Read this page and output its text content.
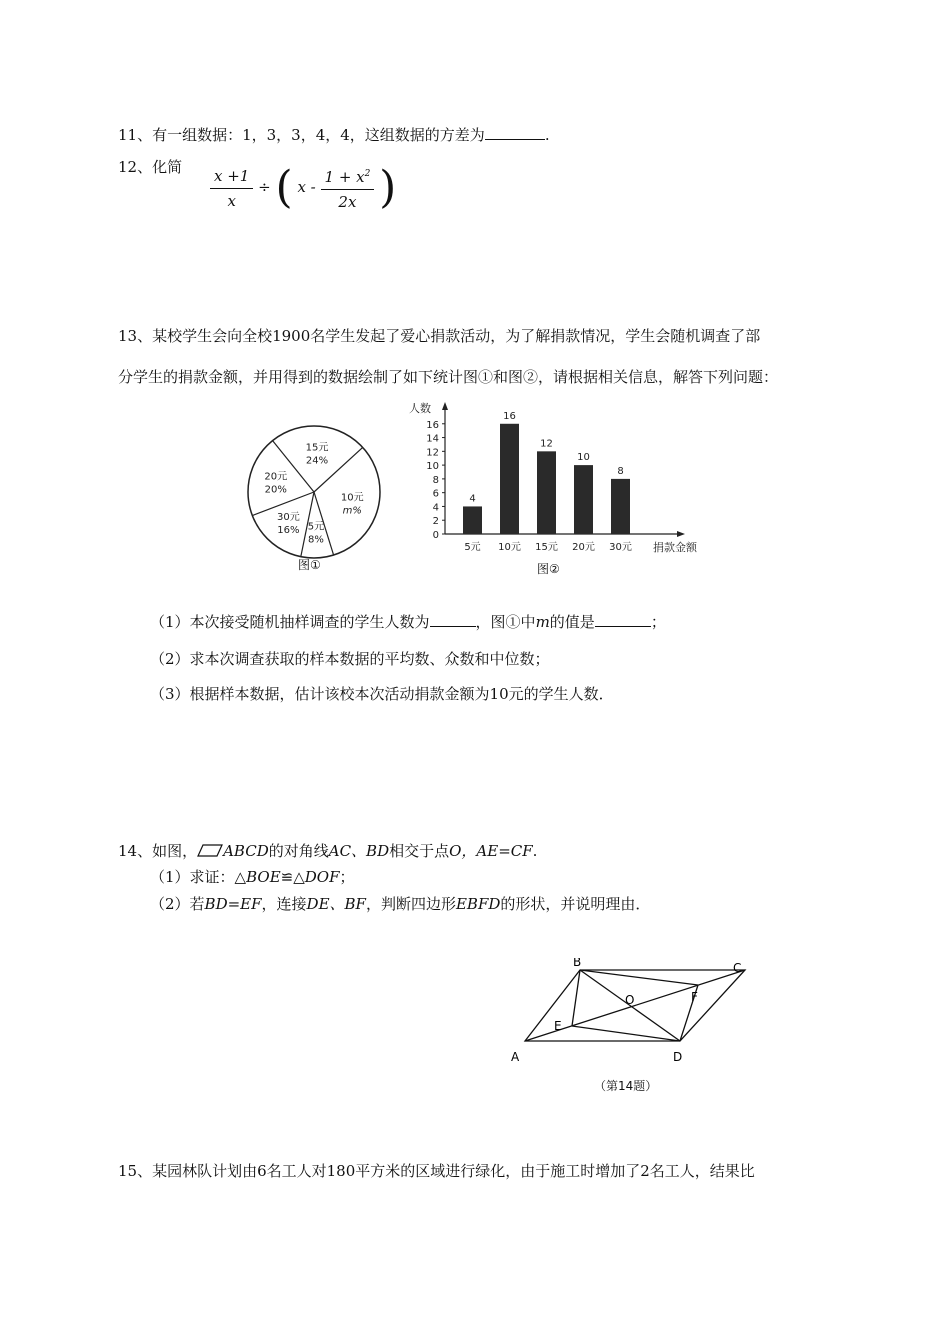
11、有一组数据：1，3，3，4，4，这组数据的方差为	.
12、化简 $\frac{x +1}{x}$ ÷ ( x - $\frac{1 + x^2}{2x}$ )
13、某校学生会向全校1900名学生发起了爱心捐款活动，为了解捐款情况，学生会随机调查了部
分学生的捐款金额，并用得到的数据绘制了如下统计图①和图②，请根据相关信息，解答下列问题：
15元
24%
10元
m%
5元
8%
30元
16%
20元
20%
图①
人数
捐款金额
0
2
4
6
8
10
12
14
16
4
5元
16
10元
12
15元
10
20元
8
30元
图②
（1）本次接受随机抽样调查的学生人数为	，图①中m的值是	；
（2）求本次调查获取的样本数据的平均数、众数和中位数；
（3）根据样本数据，估计该校本次活动捐款金额为10元的学生人数．
14、如图， ABCD的对角线AC、BD相交于点O，AE=CF.
（1）求证：△BOE≌△DOF；
（2）若BD=EF，连接DE、BF，判断四边形EBFD的形状，并说明理由．
A
B	C
D
O
E
F
（第14题）
15、某园林队计划由6名工人对180平方米的区域进行绿化，由于施工时增加了2名工人，结果比
